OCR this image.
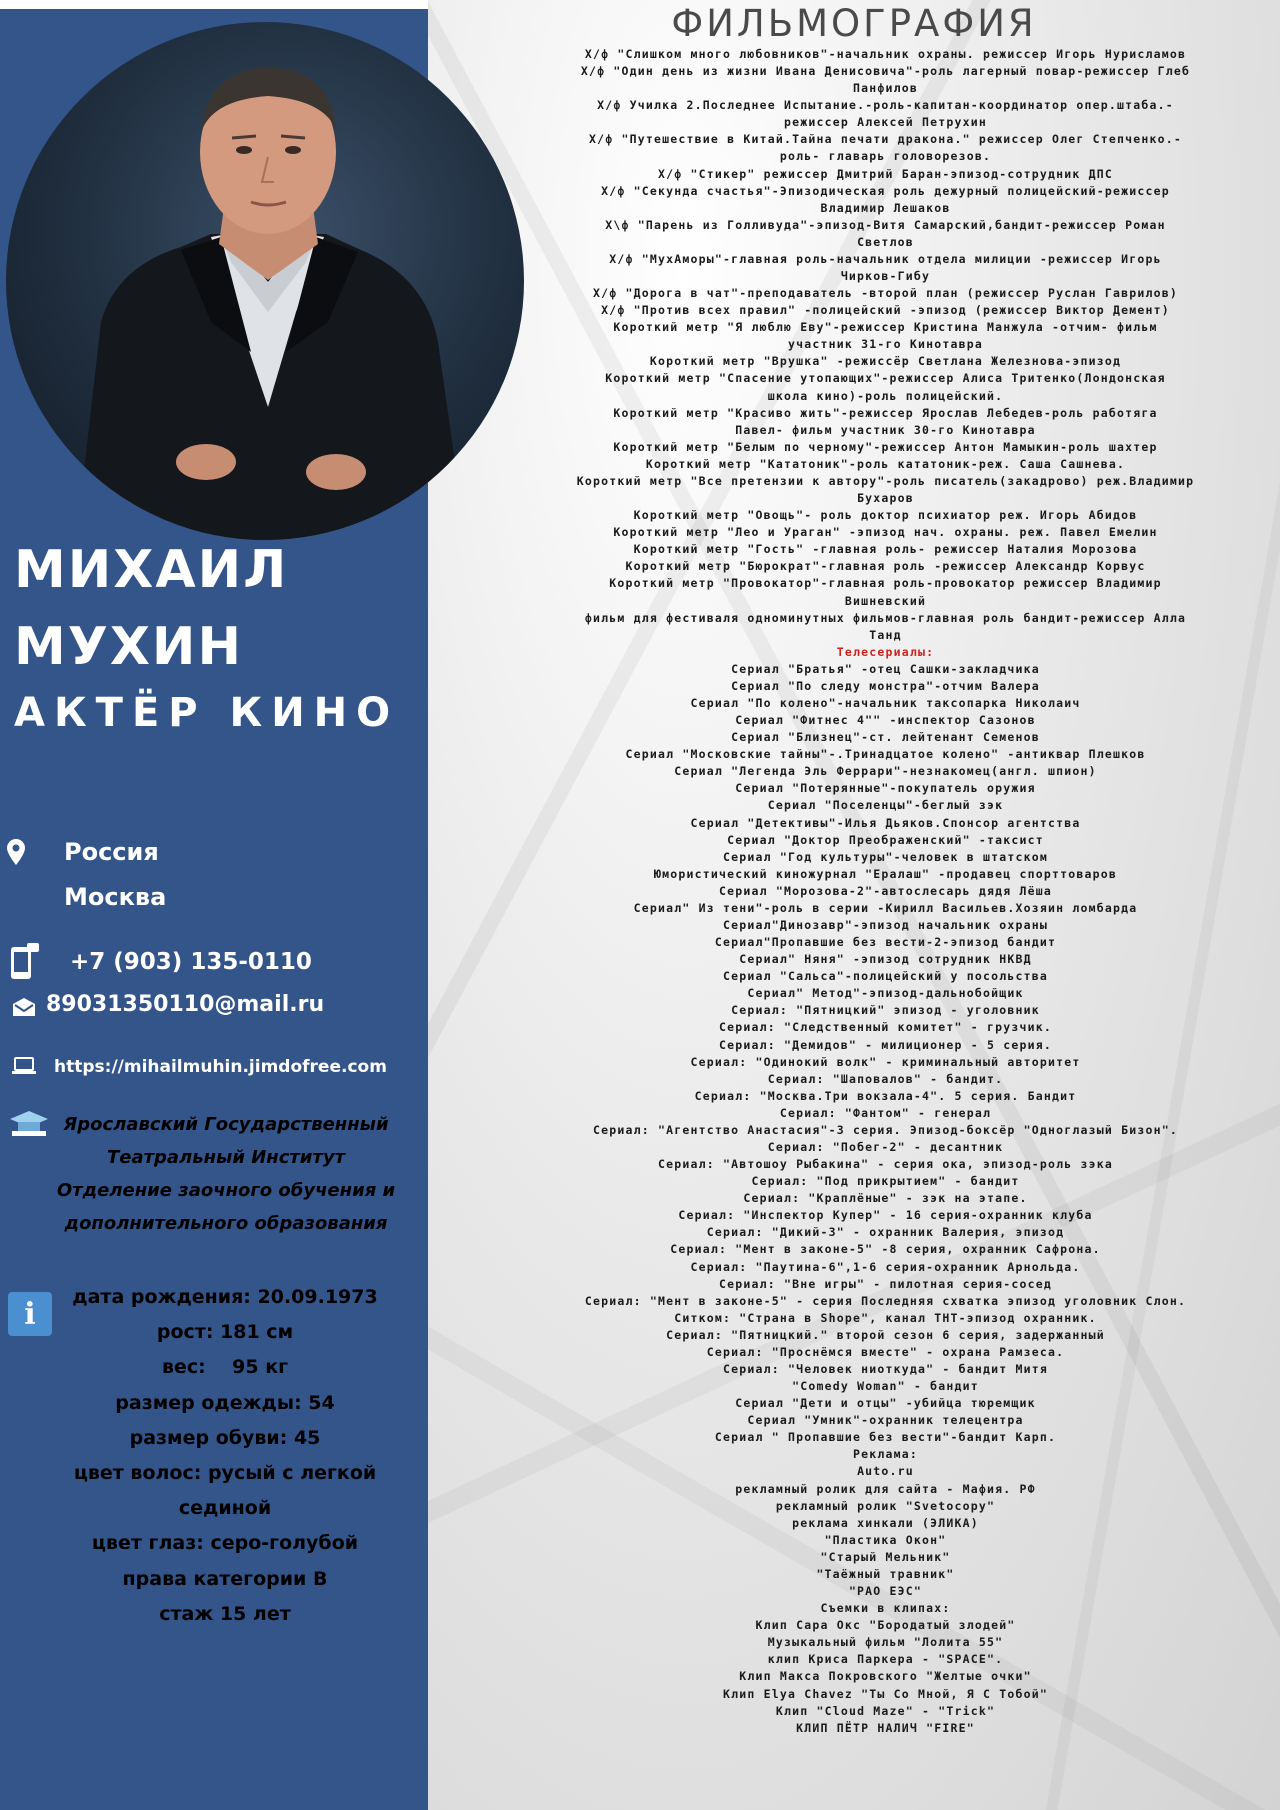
МИХАИЛ
МУХИН
АКТЁР КИНО
Россия
Москва
+7 (903) 135-0110
89031350110@mail.ru
https://mihailmuhin.jimdofree.com
Ярославский Государственный
Театральный Институт
Отделение заочного обучения и
дополнительного образования
i	дата рождения: 20.09.1973
рост: 181 см
вес:    95 кг
размер одежды: 54
размер обуви: 45
цвет волос: русый с легкой сединой
цвет глаз: серо-голубой
права категории В
стаж 15 лет
ФИЛЬМОГРАФИЯ
Х/ф "Слишком много любовников"-начальник охраны. режиссер Игорь Нурисламов
Х/ф "Один день из жизни Ивана Денисовича"-роль лагерный повар-режиссер Глеб
Панфилов
Х/ф Училка 2.Последнее Испытание.-роль-капитан-координатор опер.штаба.-
режиссер Алексей Петрухин
Х/ф "Путешествие в Китай.Тайна печати дракона." режиссер Олег Степченко.-
роль- главарь головорезов.
Х/ф "Стикер" режиссер Дмитрий Баран-эпизод-сотрудник ДПС
Х/ф "Секунда счастья"-Эпизодическая роль дежурный полицейский-режиссер
Владимир Лешаков
Х\ф "Парень из Голливуда"-эпизод-Витя Самарский,бандит-режиссер Роман
Светлов
Х/ф "МухАморы"-главная роль-начальник отдела милиции -режиссер Игорь
Чирков-Гибу
Х/ф "Дорога в чат"-преподаватель -второй план (режиссер Руслан Гаврилов)
Х/ф "Против всех правил" -полицейский -эпизод (режиссер Виктор Демент)
Короткий метр "Я люблю Еву"-режиссер Кристина Манжула -отчим- фильм
участник 31-го Кинотавра
Короткий метр "Врушка" -режиссёр Светлана Железнова-эпизод
Короткий метр "Спасение утопающих"-режиссер Алиса Тритенко(Лондонская
школа кино)-роль полицейский.
Короткий метр "Красиво жить"-режиссер Ярослав Лебедев-роль работяга
Павел- фильм участник 30-го Кинотавра
Короткий метр "Белым по черному"-режиссер Антон Мамыкин-роль шахтер
Короткий метр "Кататоник"-роль кататоник-реж. Саша Сашнева.
Короткий метр "Все претензии к автору"-роль писатель(закадрово) реж.Владимир
Бухаров
Короткий метр "Овощь"- роль доктор психиатор реж. Игорь Абидов
Короткий метр "Лео и Ураган" -эпизод нач. охраны. реж. Павел Емелин
Короткий метр "Гость" -главная роль- режиссер Наталия Морозова
Короткий метр "Бюрократ"-главная роль -режиссер Александр Корвус
Короткий метр "Провокатор"-главная роль-провокатор режиссер Владимир
Вишневский
фильм для фестиваля одноминутных фильмов-главная роль бандит-режиссер Алла
Танд
Телесериалы:
Сериал "Братья" -отец Сашки-закладчика
Сериал "По следу монстра"-отчим Валера
Сериал "По колено"-начальник таксопарка Николаич
Сериал "Фитнес 4"" -инспектор Сазонов
Сериал "Близнец"-ст. лейтенант Семенов
Сериал "Московские тайны"-.Тринадцатое колено" -антиквар Плешков
Сериал "Легенда Эль Феррари"-незнакомец(англ. шпион)
Сериал "Потерянные"-покупатель оружия
Сериал "Поселенцы"-беглый зэк
Сериал "Детективы"-Илья Дьяков.Спонсор агентства
Сериал "Доктор Преображенский" -таксист
Сериал "Год культуры"-человек в штатском
Юмористический киножурнал "Ералаш" -продавец спорттоваров
Сериал "Морозова-2"-автослесарь дядя Лёша
Сериал" Из тени"-роль в серии -Кирилл Васильев.Хозяин ломбарда
Сериал"Динозавр"-эпизод начальник охраны
Сериал"Пропавшие без вести-2-эпизод бандит
Сериал" Няня" -эпизод сотрудник НКВД
Сериал "Сальса"-полицейский у посольства
Сериал" Метод"-эпизод-дальнобойщик
Сериал: "Пятницкий" эпизод - уголовник
Сериал: "Следственный комитет" - грузчик.
Сериал: "Демидов" - милиционер - 5 серия.
Сериал: "Одинокий волк" - криминальный авторитет
Сериал: "Шаповалов" - бандит.
Сериал: "Москва.Три вокзала-4". 5 серия. Бандит
Сериал: "Фантом" - генерал
Сериал: "Агентство Анастасия"-3 серия. Эпизод-боксёр "Одноглазый Бизон".
Сериал: "Побег-2" - десантник
Сериал: "Автошоу Рыбакина" - серия ока, эпизод-роль зэка
Сериал: "Под прикрытием" - бандит
Сериал: "Краплёные" - зэк на этапе.
Сериал: "Инспектор Купер" - 16 серия-охранник клуба
Сериал: "Дикий-3" - охранник Валерия, эпизод
Сериал: "Мент в законе-5" -8 серия, охранник Сафрона.
Сериал: "Паутина-6",1-6 серия-охранник Арнольда.
Сериал: "Вне игры" - пилотная серия-сосед
Сериал: "Мент в законе-5" - серия Последняя схватка эпизод уголовник Слон.
Ситком: "Страна в Shope", канал ТНТ-эпизод охранник.
Сериал: "Пятницкий." второй сезон 6 серия, задержанный
Сериал: "Проснёмся вместе" - охрана Рамзеса.
Сериал: "Человек ниоткуда" - бандит Митя
"Comedy Woman" - бандит
Сериал "Дети и отцы" -убийца тюремщик
Сериал "Умник"-охранник телецентра
Сериал " Пропавшие без вести"-бандит Карп.
Реклама:
Auto.ru
рекламный ролик для сайта - Мафия. РФ
рекламный ролик "Svetocopy"
реклама хинкали (ЭЛИКА)
"Пластика Окон"
"Старый Мельник"
"Таёжный травник"
"РАО ЕЭС"
Съемки в клипах:
Клип Сара Окс "Бородатый злодей"
Музыкальный фильм "Лолита 55"
клип Криса Паркера - "SPACE".
Клип Макса Покровского "Желтые очки"
Клип Elya Chavez "Ты Со Мной, Я С Тобой"
Клип "Cloud Maze" - "Trick"
КЛИП ПЁТР НАЛИЧ "FIRE"
